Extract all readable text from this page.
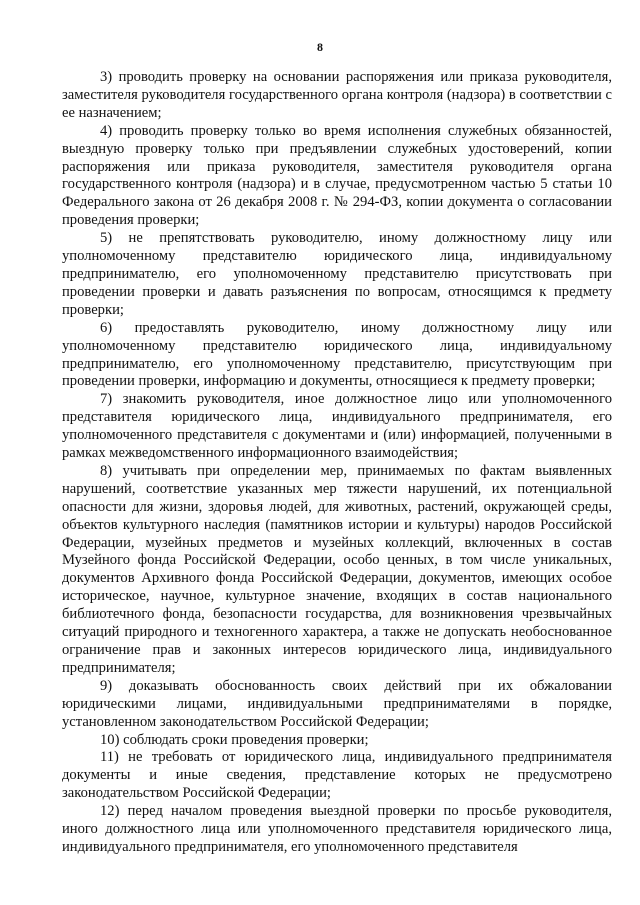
8

3) проводить проверку на основании распоряжения или приказа руководителя, заместителя руководителя государственного органа контроля (надзора) в соответствии с ее назначением;

4) проводить проверку только во время исполнения служебных обязанностей, выездную проверку только при предъявлении служебных удостоверений, копии распоряжения или приказа руководителя, заместителя руководителя органа государственного контроля (надзора) и в случае, предусмотренном частью 5 статьи 10 Федерального закона от 26 декабря 2008 г. № 294-ФЗ, копии документа о согласовании проведения проверки;

5) не препятствовать руководителю, иному должностному лицу или уполномоченному представителю юридического лица, индивидуальному предпринимателю, его уполномоченному представителю присутствовать при проведении проверки и давать разъяснения по вопросам, относящимся к предмету проверки;

6) предоставлять руководителю, иному должностному лицу или уполномоченному представителю юридического лица, индивидуальному предпринимателю, его уполномоченному представителю, присутствующим при проведении проверки, информацию и документы, относящиеся к предмету проверки;

7) знакомить руководителя, иное должностное лицо или уполномоченного представителя юридического лица, индивидуального предпринимателя, его уполномоченного представителя с документами и (или) информацией, полученными в рамках межведомственного информационного взаимодействия;

8) учитывать при определении мер, принимаемых по фактам выявленных нарушений, соответствие указанных мер тяжести нарушений, их потенциальной опасности для жизни, здоровья людей, для животных, растений, окружающей среды, объектов культурного наследия (памятников истории и культуры) народов Российской Федерации, музейных предметов и музейных коллекций, включенных в состав Музейного фонда Российской Федерации, особо ценных, в том числе уникальных, документов Архивного фонда Российской Федерации, документов, имеющих особое историческое, научное, культурное значение, входящих в состав национального библиотечного фонда, безопасности государства, для возникновения чрезвычайных ситуаций природного и техногенного характера, а также не допускать необоснованное ограничение прав и законных интересов юридического лица, индивидуального предпринимателя;

9) доказывать обоснованность своих действий при их обжаловании юридическими лицами, индивидуальными предпринимателями в порядке, установленном законодательством Российской Федерации;

10) соблюдать сроки проведения проверки;

11) не требовать от юридического лица, индивидуального предпринимателя документы и иные сведения, представление которых не предусмотрено законодательством Российской Федерации;

12) перед началом проведения выездной проверки по просьбе руководителя, иного должностного лица или уполномоченного представителя юридического лица, индивидуального предпринимателя, его уполномоченного представителя
